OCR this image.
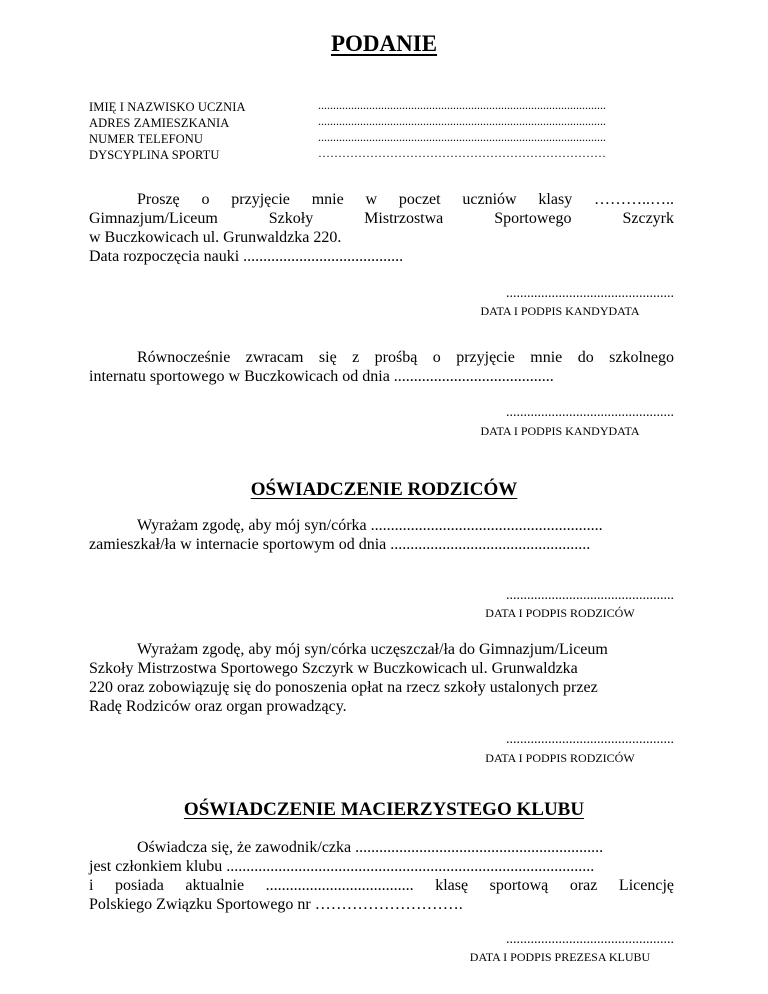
PODANIE
IMIĘ I NAZWISKO UCZNIA	................................................................................................
ADRES ZAMIESZKANIA	................................................................................................
NUMER TELEFONU	................................................................................................
DYSCYPLINA SPORTU	………………………………………………………………
Proszę o przyjęcie mnie w poczet uczniów klasy ………..…..
Gimnazjum/Liceum Szkoły Mistrzostwa Sportowego Szczyrk
w Buczkowicach ul. Grunwaldzka 220.
Data rozpoczęcia nauki ........................................
................................................
DATA I PODPIS KANDYDATA
Równocześnie zwracam się z prośbą o przyjęcie mnie do szkolnego
internatu sportowego w Buczkowicach od dnia ........................................
................................................
DATA I PODPIS KANDYDATA
OŚWIADCZENIE RODZICÓW
Wyrażam zgodę, aby mój syn/córka ..........................................................
zamieszkał/ła w internacie sportowym od dnia ..................................................
................................................
DATA I PODPIS RODZICÓW
Wyrażam zgodę, aby mój syn/córka uczęszczał/ła do Gimnazjum/Liceum
Szkoły Mistrzostwa Sportowego Szczyrk w Buczkowicach ul. Grunwaldzka
220 oraz zobowiązuję się do ponoszenia opłat na rzecz szkoły ustalonych przez
Radę Rodziców oraz organ prowadzący.
................................................
DATA I PODPIS RODZICÓW
OŚWIADCZENIE MACIERZYSTEGO KLUBU
Oświadcza się, że zawodnik/czka ..............................................................
jest członkiem klubu ............................................................................................
i posiada aktualnie ..................................... klasę sportową oraz Licencję
Polskiego Związku Sportowego nr ……………………….
................................................
DATA I PODPIS PREZESA KLUBU
